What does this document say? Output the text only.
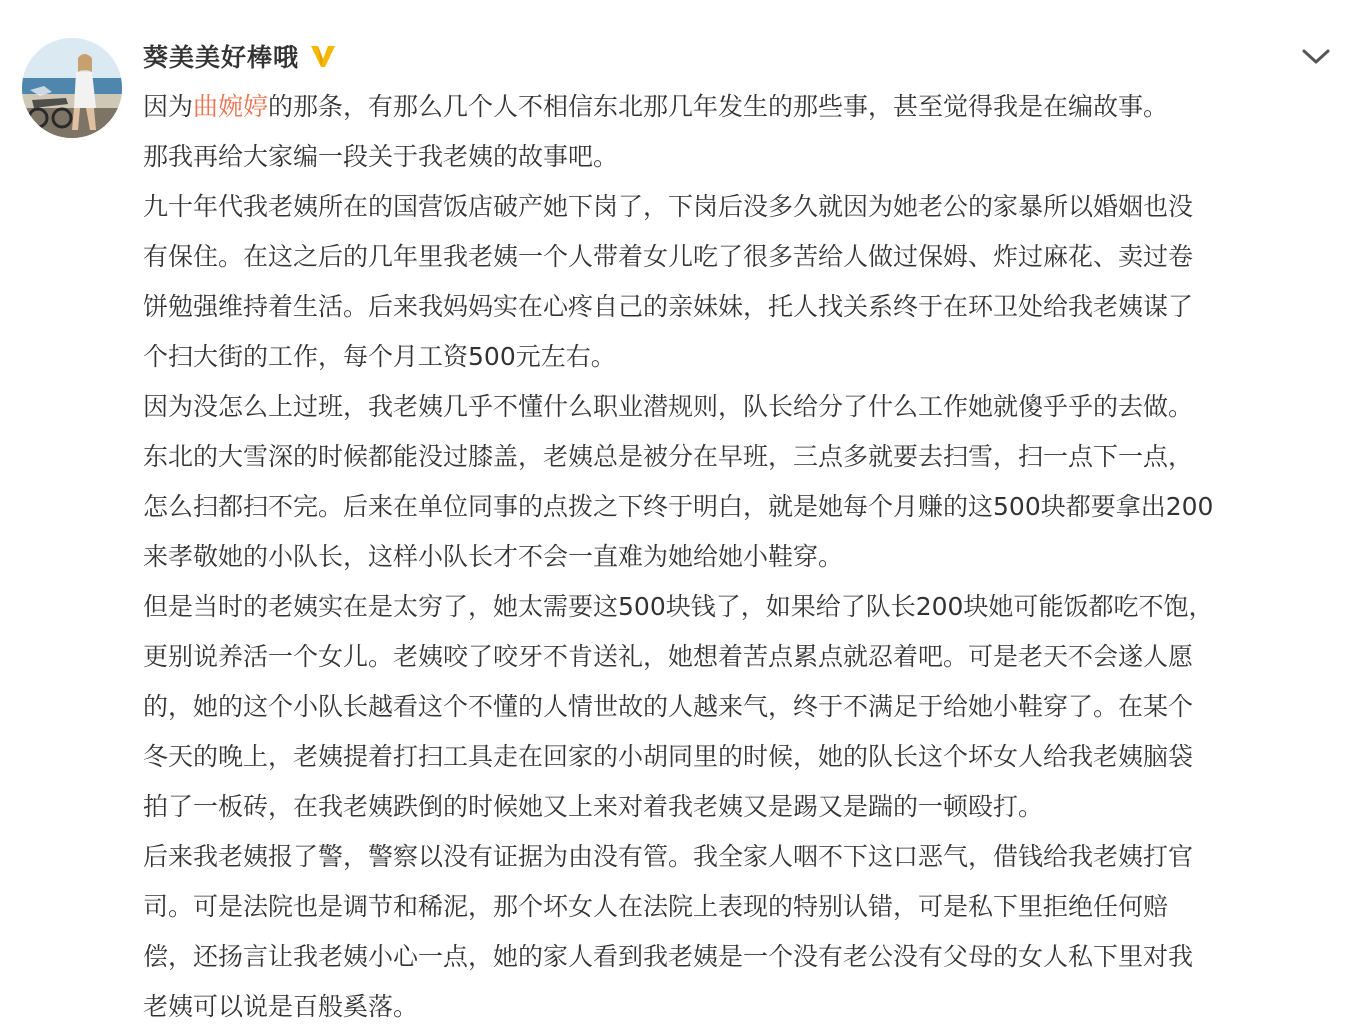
葵美美好棒哦
因为曲婉婷的那条，有那么几个人不相信东北那几年发生的那些事，甚至觉得我是在编故事。
那我再给大家编一段关于我老姨的故事吧。
九十年代我老姨所在的国营饭店破产她下岗了，下岗后没多久就因为她老公的家暴所以婚姻也没
有保住。在这之后的几年里我老姨一个人带着女儿吃了很多苦给人做过保姆、炸过麻花、卖过卷
饼勉强维持着生活。后来我妈妈实在心疼自己的亲妹妹，托人找关系终于在环卫处给我老姨谋了
个扫大街的工作，每个月工资500元左右。
因为没怎么上过班，我老姨几乎不懂什么职业潜规则，队长给分了什么工作她就傻乎乎的去做。
东北的大雪深的时候都能没过膝盖，老姨总是被分在早班，三点多就要去扫雪，扫一点下一点，
怎么扫都扫不完。后来在单位同事的点拨之下终于明白，就是她每个月赚的这500块都要拿出200
来孝敬她的小队长，这样小队长才不会一直难为她给她小鞋穿。
但是当时的老姨实在是太穷了，她太需要这500块钱了，如果给了队长200块她可能饭都吃不饱，
更别说养活一个女儿。老姨咬了咬牙不肯送礼，她想着苦点累点就忍着吧。可是老天不会遂人愿
的，她的这个小队长越看这个不懂的人情世故的人越来气，终于不满足于给她小鞋穿了。在某个
冬天的晚上，老姨提着打扫工具走在回家的小胡同里的时候，她的队长这个坏女人给我老姨脑袋
拍了一板砖，在我老姨跌倒的时候她又上来对着我老姨又是踢又是踹的一顿殴打。
后来我老姨报了警，警察以没有证据为由没有管。我全家人咽不下这口恶气，借钱给我老姨打官
司。可是法院也是调节和稀泥，那个坏女人在法院上表现的特别认错，可是私下里拒绝任何赔
偿，还扬言让我老姨小心一点，她的家人看到我老姨是一个没有老公没有父母的女人私下里对我
老姨可以说是百般奚落。
